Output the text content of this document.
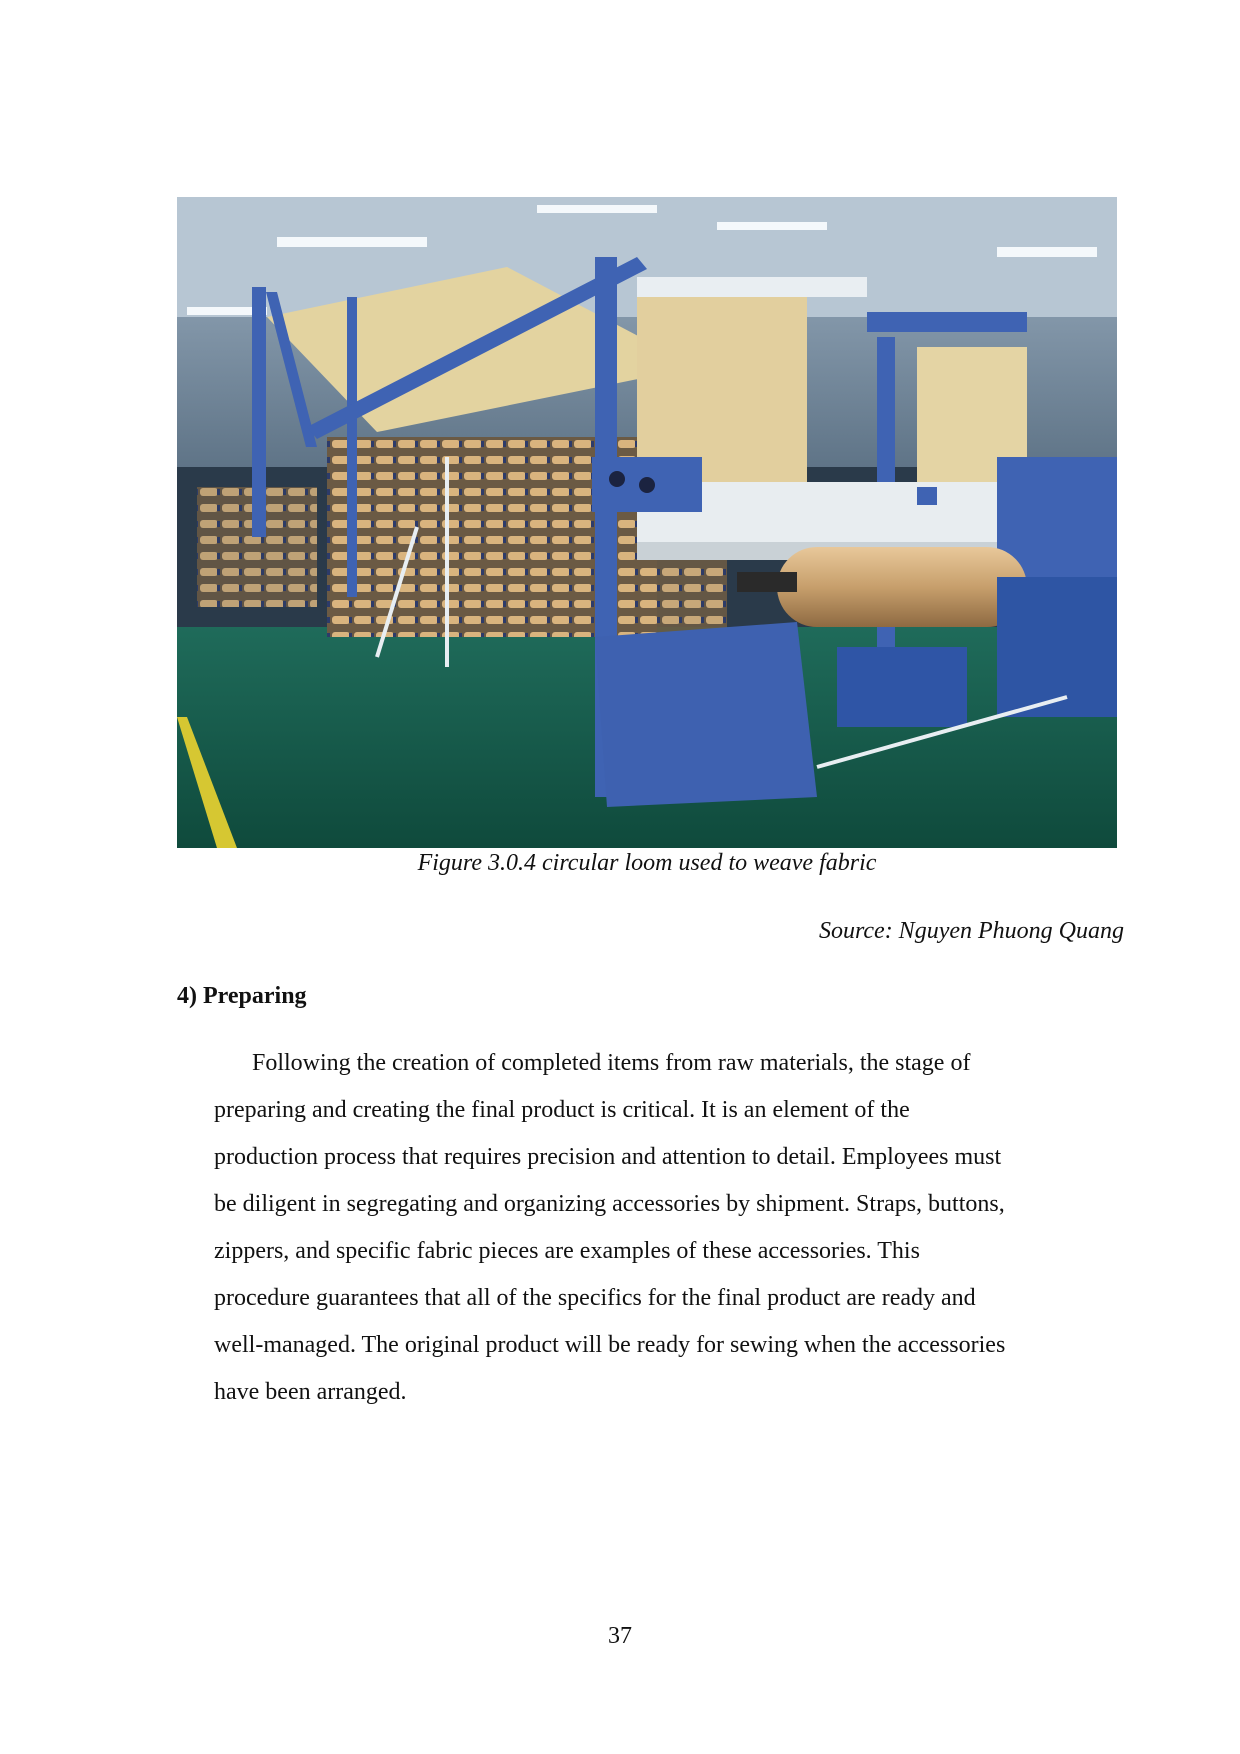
Figure 3.0.4 circular loom used to weave fabric
Source: Nguyen Phuong Quang
4) Preparing

Following the creation of completed items from raw materials, the stage of
preparing and creating the final product is critical. It is an element of the
production process that requires precision and attention to detail. Employees must
be diligent in segregating and organizing accessories by shipment. Straps, buttons,
zippers, and specific fabric pieces are examples of these accessories. This
procedure guarantees that all of the specifics for the final product are ready and
well-managed. The original product will be ready for sewing when the accessories
have been arranged.

37
